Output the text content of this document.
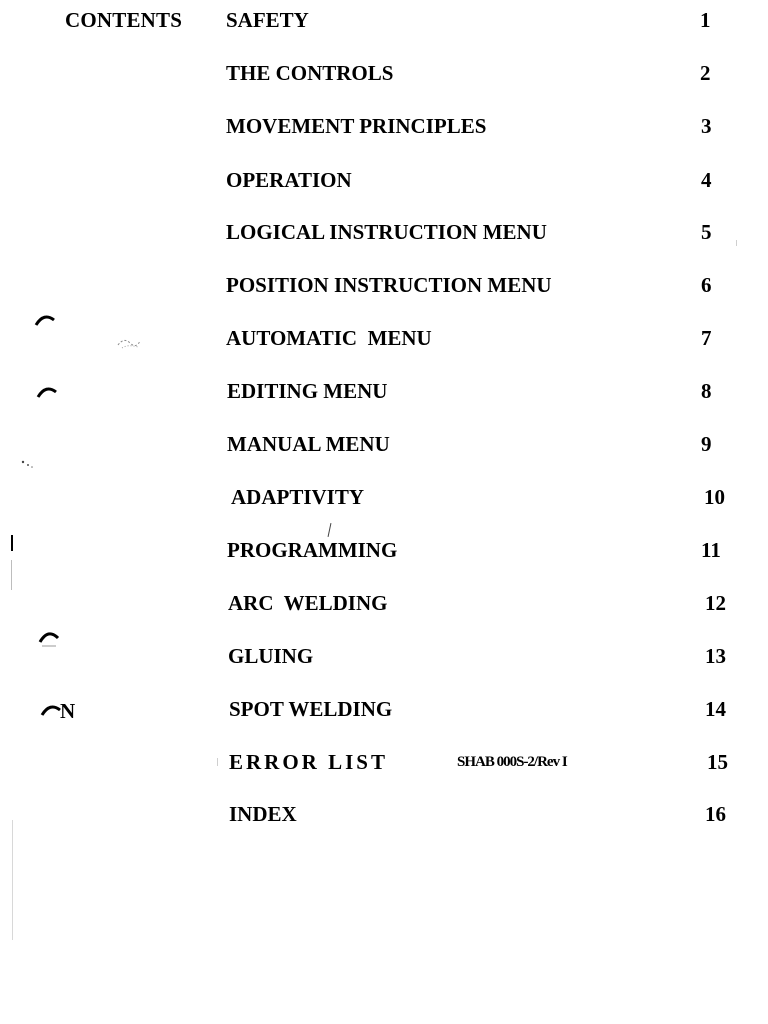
CONTENTS SAFETY	1
THE CONTROLS	2
MOVEMENT PRINCIPLES	3
OPERATION	4
LOGICAL INSTRUCTION MENU	5
POSITION INSTRUCTION MENU	6
AUTOMATIC  MENU	7
EDITING MENU	8
MANUAL MENU	9
ADAPTIVITY	10
PROGRAMMING	11
ARC  WELDING	12
GLUING	13
SPOT WELDING	14
ERROR LIST	15
INDEX	16
SHAB 000S-2/Rev I
N
